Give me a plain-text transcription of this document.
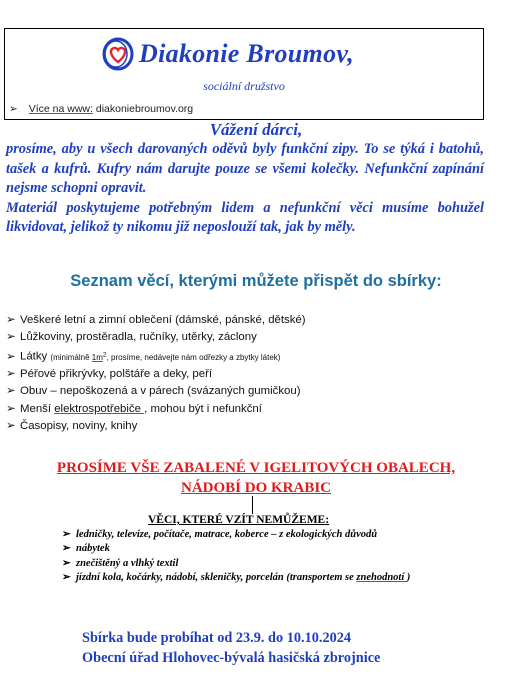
Diakonie Broumov,
sociální družstvo
➢ Více na www: diakoniebroumov.org
Vážení dárci,

prosíme, aby u všech darovaných oděvů byly funkční zipy. To se týká i batohů, tašek a kufrů. Kufry nám darujte pouze se všemi kolečky. Nefunkční zapínání nejsme schopni opravit.

Materiál poskytujeme potřebným lidem a nefunkční věci musíme bohužel likvidovat, jelikož ty nikomu již neposlouží tak, jak by měly.

Seznam věcí, kterými můžete přispět do sbírky:
➢ Veškeré letní a zimní oblečení (dámské, pánské, dětské)
➢ Lůžkoviny, prostěradla, ručníky, utěrky, záclony
➢ Látky (minimálně $1m^2$, prosíme, nedávejte nám odřezky a zbytky látek)
➢ Péřové přikrývky, polštáře a deky, peří
➢ Obuv – nepoškozená a v párech (svázaných gumičkou)
➢ Menší elektrospotřebiče , mohou být i nefunkční
➢ Časopisy, noviny, knihy
PROSÍME VŠE ZABALENÉ V IGELITOVÝCH OBALECH,
NÁDOBÍ DO KRABIC
VĚCI, KTERÉ VZÍT NEMŮŽEME:
➢ ledničky, televize, počítače, matrace, koberce – z ekologických důvodů
➢ nábytek
➢ znečištěný a vlhký textil
➢ jízdní kola, kočárky, nádobí, skleničky, porcelán (transportem se znehodnotí )
Sbírka bude probíhat od 23.9. do 10.10.2024
Obecní úřad Hlohovec-bývalá hasičská zbrojnice
